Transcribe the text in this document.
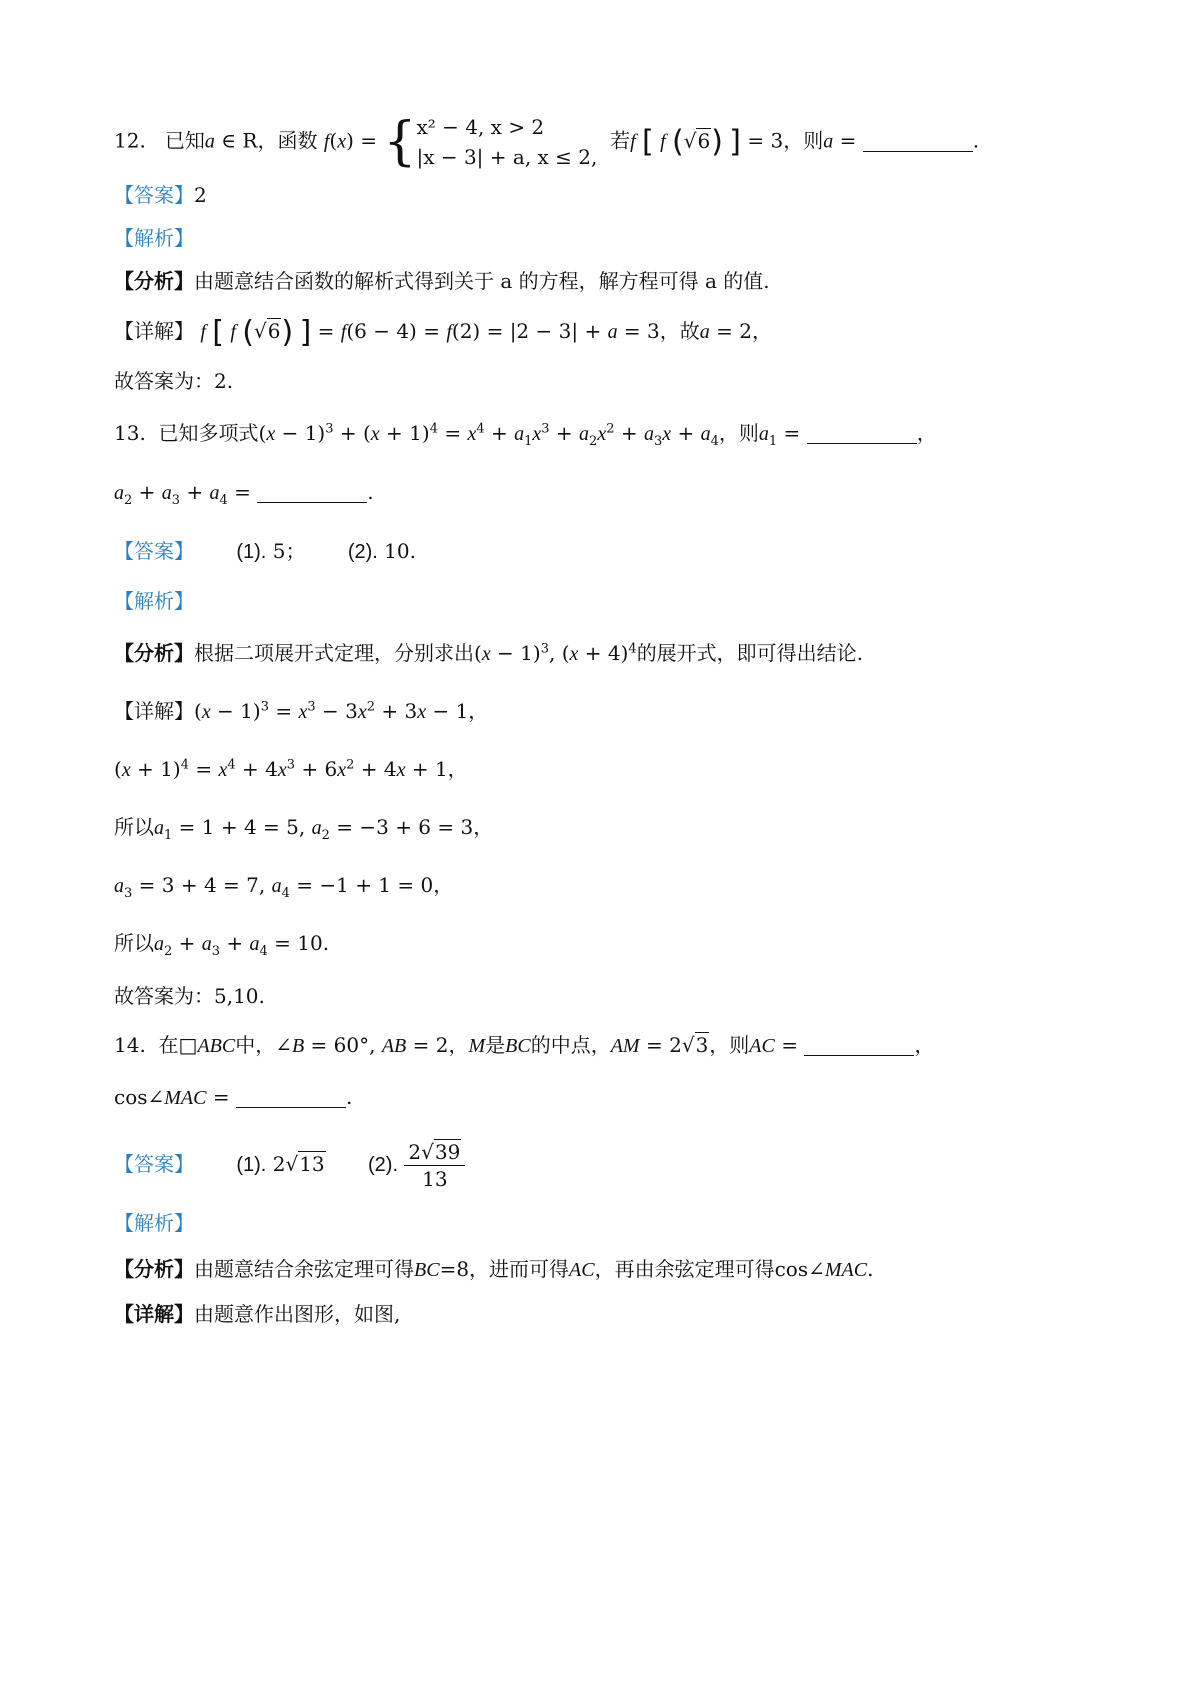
12. 已知a ∈ R，函数 f(x) = { x² − 4, x > 2
|x − 3| + a, x ≤ 2,
若f [ f (√6) ] = 3，则a =	.
【答案】2
【解析】
【分析】由题意结合函数的解析式得到关于 a 的方程，解方程可得 a 的值.
【详解】 f [ f (√6) ] = f(6 − 4) = f(2) = |2 − 3| + a = 3，故a = 2，
故答案为：2.
13. 已知多项式$(x - 1)^3 + (x + 1)^4 = x^4 + a_1x^3 + a_2x^2 + a_3x + a_4$，则$a_1$ =	，
$a_2 + a_3 + a_4$ =	.
【答案】 (1). 5； (2). 10.
【解析】
【分析】根据二项展开式定理，分别求出$(x - 1)^3$, $(x + 4)^4$的展开式，即可得出结论.
【详解】$(x - 1)^3 = x^3 - 3x^2 + 3x - 1$，
$(x + 1)^4 = x^4 + 4x^3 + 6x^2 + 4x + 1$，
所以$a_1 = 1 + 4 = 5$, $a_2 = -3 + 6 = 3$，
$a_3 = 3 + 4 = 7$, $a_4 = -1 + 1 = 0$，
所以$a_2 + a_3 + a_4 = 10$.
故答案为：5,10.
14. 在□ABC中，∠B = 60°, AB = 2，M是BC的中点，AM = 2√3，则AC =	，
cos∠MAC =	.
【答案】 (1). 2√13 (2). $\frac{2√39}{13}$
【解析】
【分析】由题意结合余弦定理可得BC=8，进而可得AC，再由余弦定理可得cos∠MAC.
【详解】由题意作出图形，如图,
